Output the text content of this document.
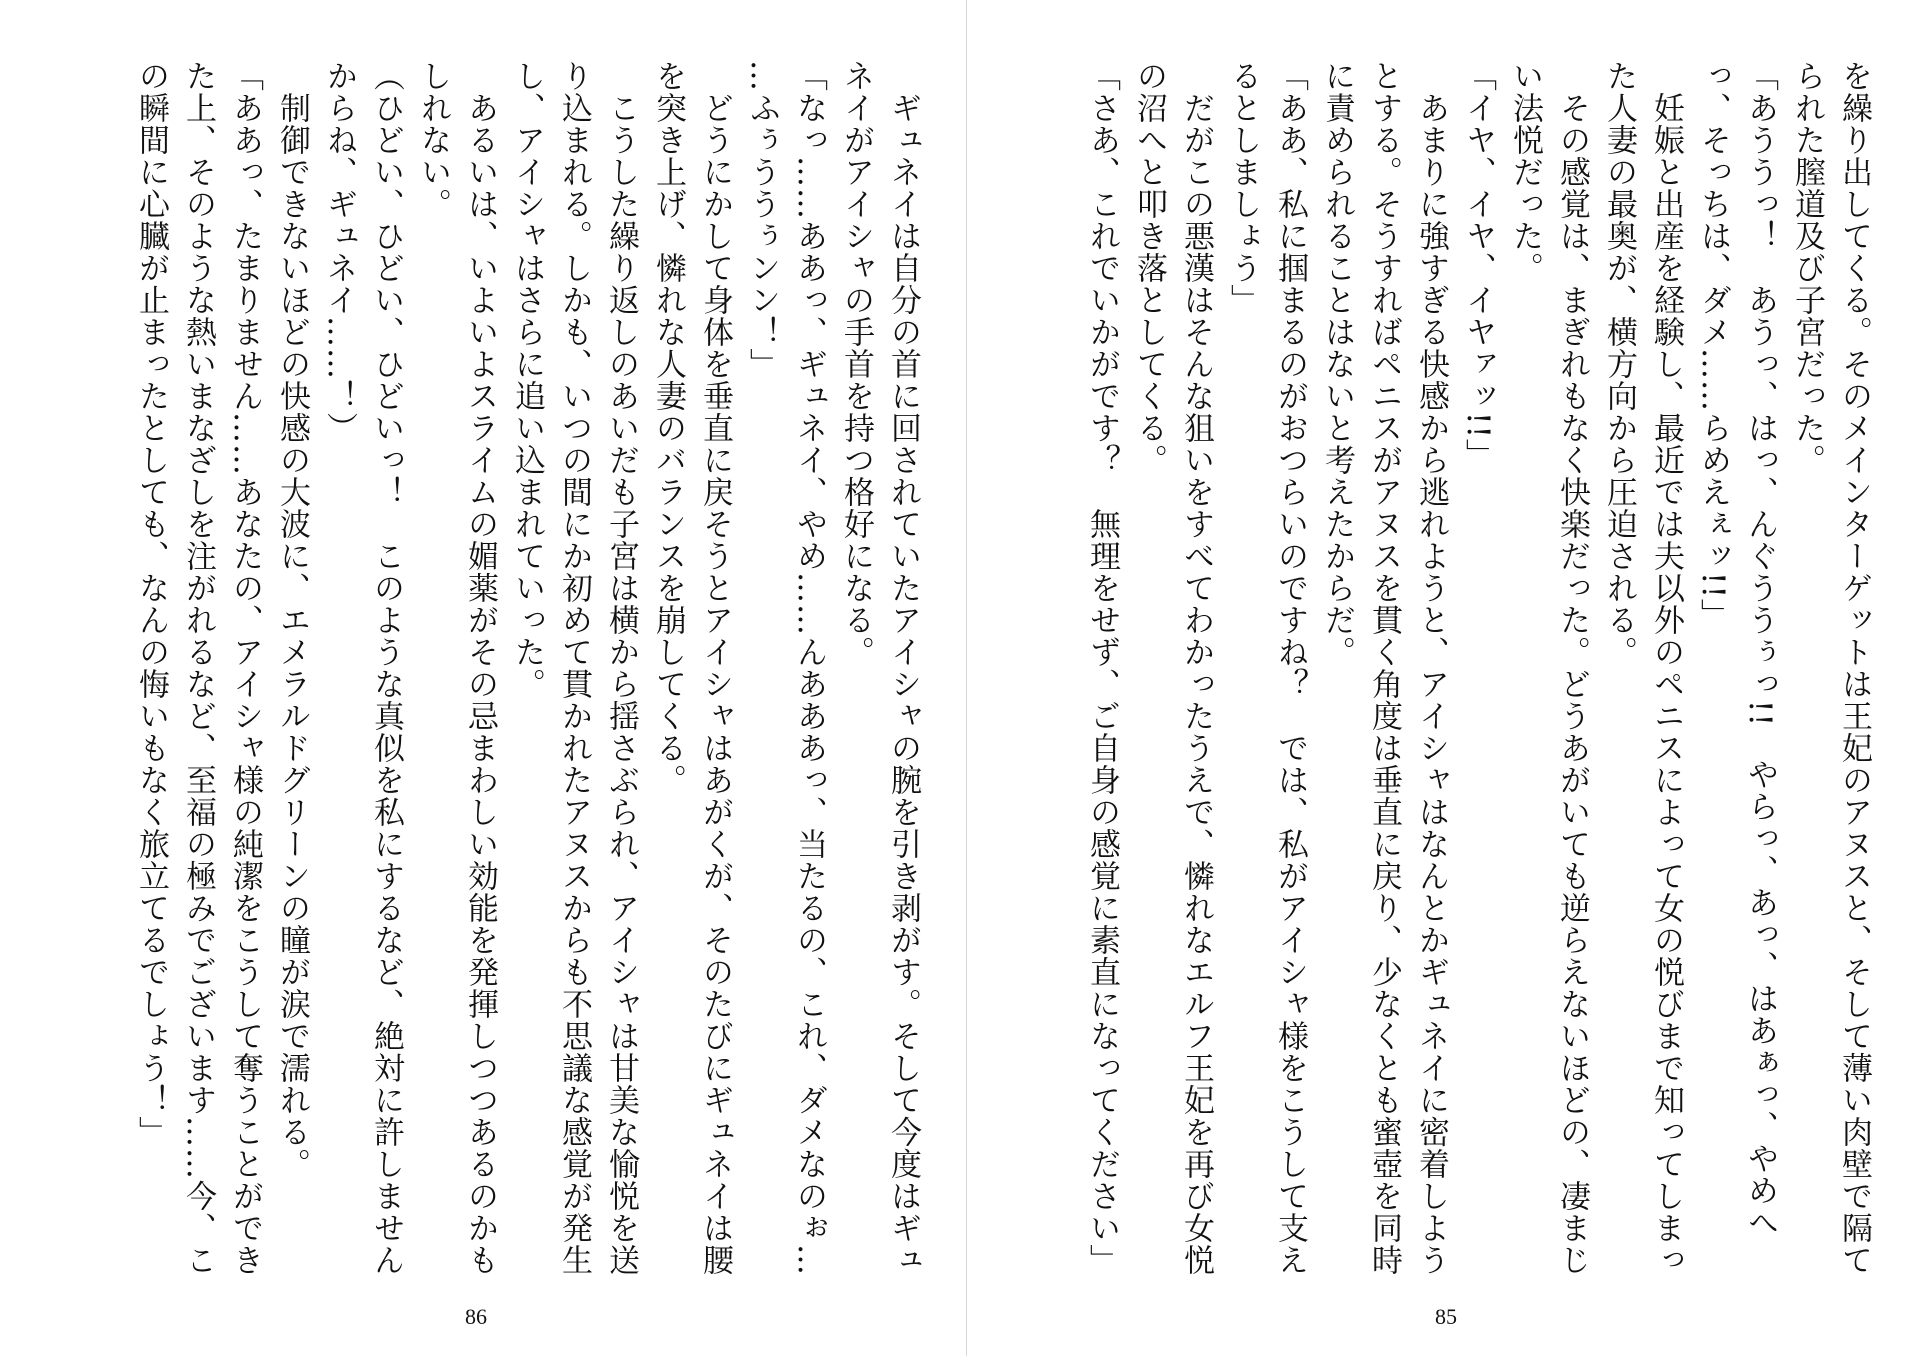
　ギュネイは自分の首に回されていたアイシャの腕を引き剥がす。そして今度はギュ
ネイがアイシャの手首を持つ格好になる。
「なっ……ああっ、ギュネイ、やめ……んあああっ、当たるの、これ、ダメなのぉ…
…ふぅううぅンン！」
　どうにかして身体を垂直に戻そうとアイシャはあがくが、そのたびにギュネイは腰
を突き上げ、憐れな人妻のバランスを崩してくる。
　こうした繰り返しのあいだも子宮は横から揺さぶられ、アイシャは甘美な愉悦を送
り込まれる。しかも、いつの間にか初めて貫かれたアヌスからも不思議な感覚が発生
し、アイシャはさらに追い込まれていった。
　あるいは、いよいよスライムの媚薬がその忌まわしい効能を発揮しつつあるのかも
しれない。
（ひどい、ひどい、ひどいっ！　このような真似を私にするなど、絶対に許しません
からね、ギュネイ……！）
　制御できないほどの快感の大波に、エメラルドグリーンの瞳が涙で濡れる。
「ああっ、たまりません……あなたの、アイシャ様の純潔をこうして奪うことができ
た上、そのような熱いまなざしを注がれるなど、至福の極みでございます……今、こ
の瞬間に心臓が止まったとしても、なんの悔いもなく旅立てるでしょう！」
86
を繰り出してくる。そのメインターゲットは王妃のアヌスと、そして薄い肉壁で隔て
られた膣道及び子宮だった。
「あううっ！　あうっ、はっ、んぐううぅっ!!　やらっ、あっ、はあぁっ、やめへ
っ、そっちは、ダメ……らめえぇッ!!」
　妊娠と出産を経験し、最近では夫以外のペニスによって女の悦びまで知ってしまっ
た人妻の最奥が、横方向から圧迫される。
　その感覚は、まぎれもなく快楽だった。どうあがいても逆らえないほどの、凄まじ
い法悦だった。
「イヤ、イヤ、イヤァッ!!」
　あまりに強すぎる快感から逃れようと、アイシャはなんとかギュネイに密着しよう
とする。そうすればペニスがアヌスを貫く角度は垂直に戻り、少なくとも蜜壺を同時
に責められることはないと考えたからだ。
「ああ、私に掴まるのがおつらいのですね？　では、私がアイシャ様をこうして支え
るとしましょう」
　だがこの悪漢はそんな狙いをすべてわかったうえで、憐れなエルフ王妃を再び女悦
の沼へと叩き落としてくる。
「さあ、これでいかがです？　無理をせず、ご自身の感覚に素直になってください」
85
